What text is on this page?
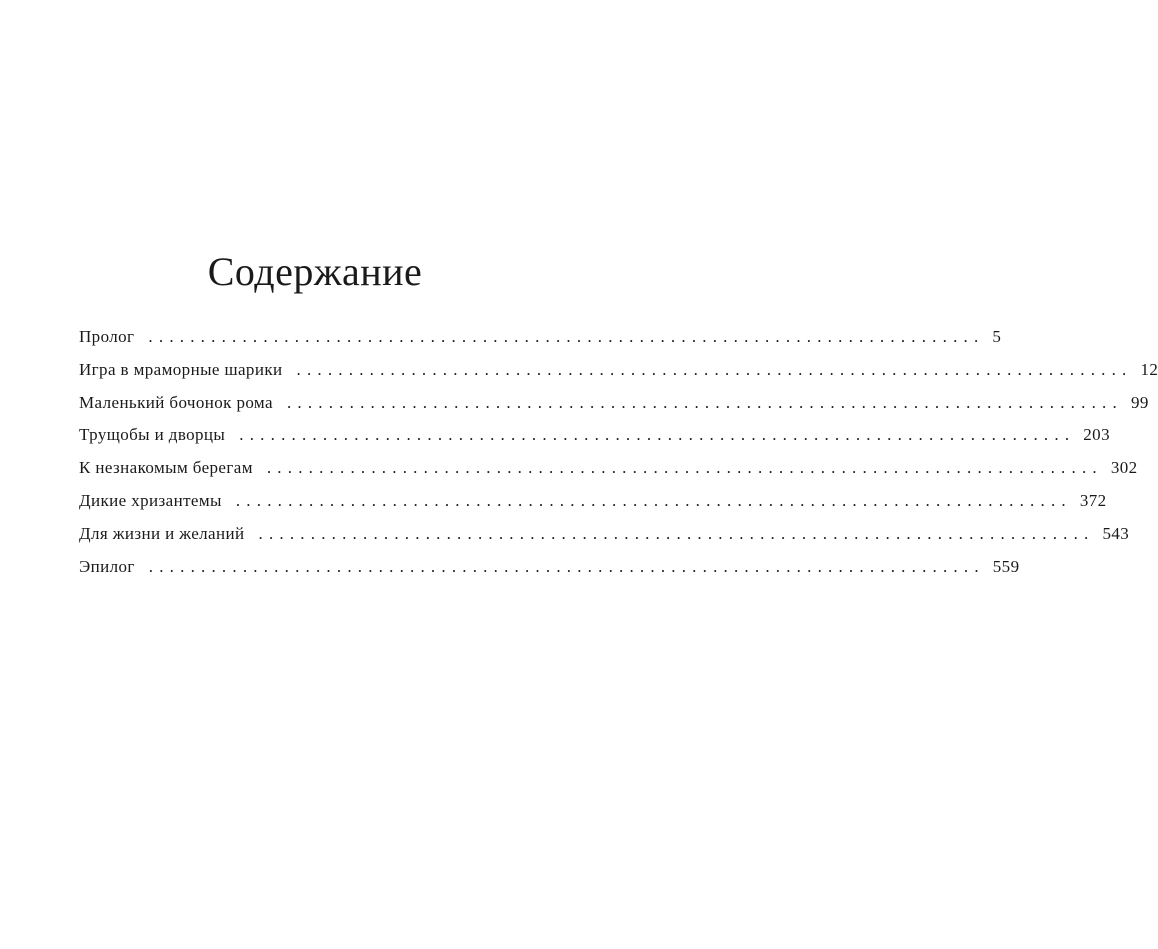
Содержание
Пролог ................................................................................ 5
Игра в мраморные шарики ................................................................................ 12
Маленький бочонок рома ................................................................................ 99
Трущобы и дворцы ................................................................................ 203
К незнакомым берегам ................................................................................ 302
Дикие хризантемы ................................................................................ 372
Для жизни и желаний ................................................................................ 543
Эпилог ................................................................................ 559
